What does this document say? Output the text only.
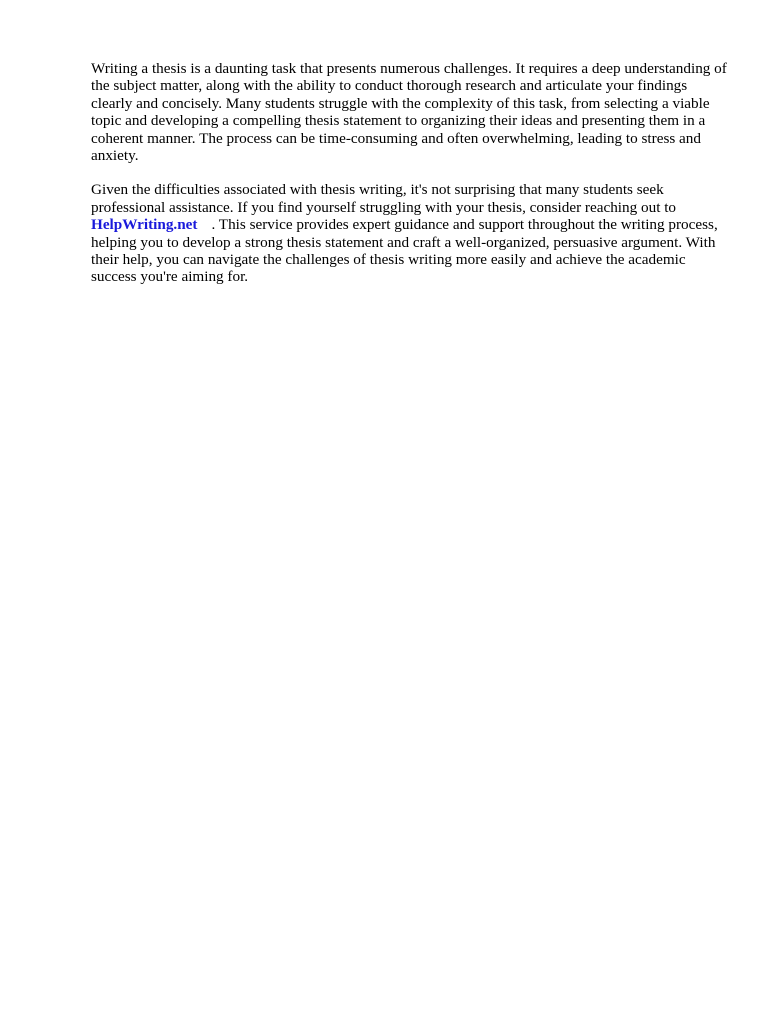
Writing a thesis is a daunting task that presents numerous challenges. It requires a deep understanding of the subject matter, along with the ability to conduct thorough research and articulate your findings clearly and concisely. Many students struggle with the complexity of this task, from selecting a viable topic and developing a compelling thesis statement to organizing their ideas and presenting them in a coherent manner. The process can be time-consuming and often overwhelming, leading to stress and anxiety.

Given the difficulties associated with thesis writing, it's not surprising that many students seek professional assistance. If you find yourself struggling with your thesis, consider reaching out to HelpWriting.net . This service provides expert guidance and support throughout the writing process, helping you to develop a strong thesis statement and craft a well-organized, persuasive argument. With their help, you can navigate the challenges of thesis writing more easily and achieve the academic success you're aiming for.
